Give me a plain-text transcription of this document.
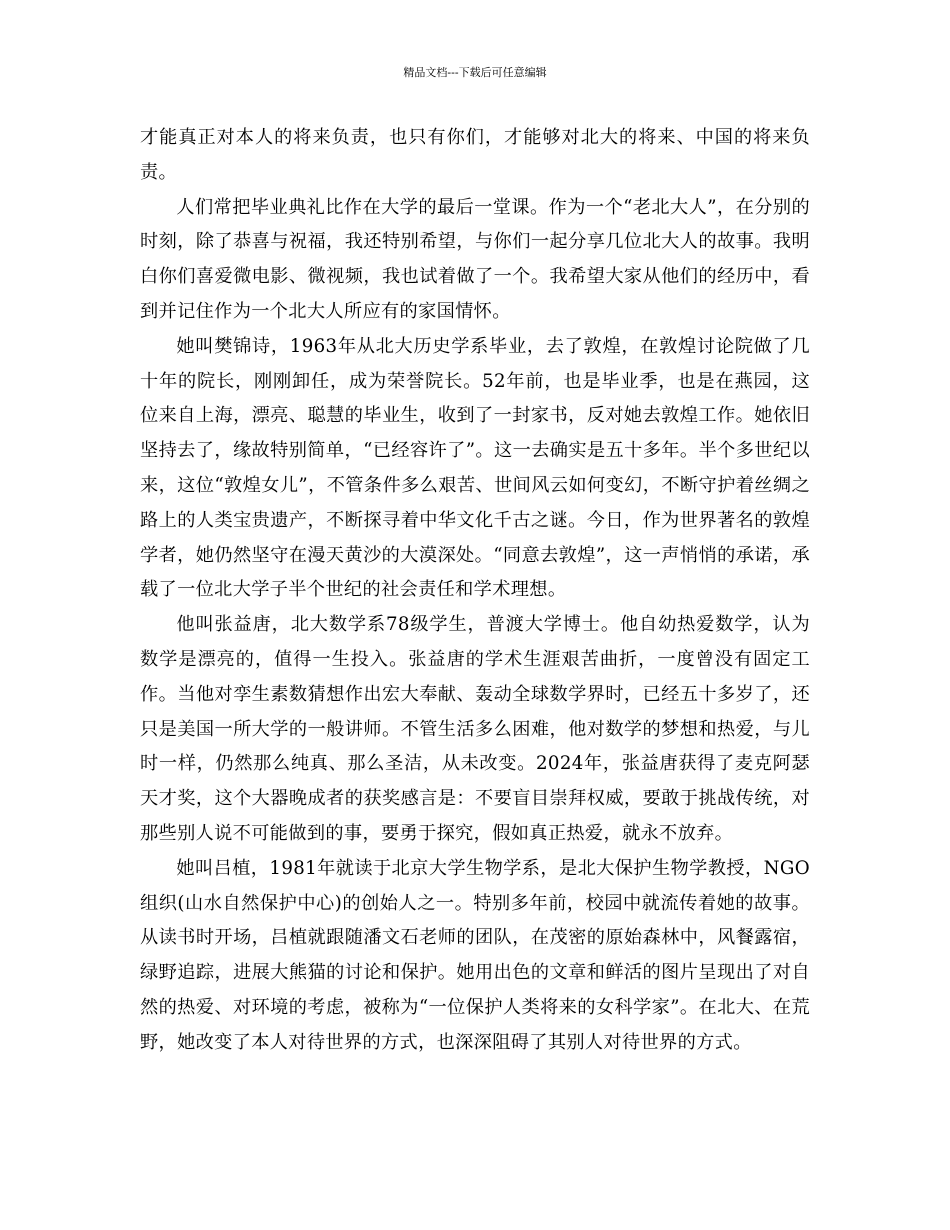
精品文档---下载后可任意编辑

才能真正对本人的将来负责，也只有你们，才能够对北大的将来、中国的将来负责。

人们常把毕业典礼比作在大学的最后一堂课。作为一个“老北大人”，在分别的时刻，除了恭喜与祝福，我还特别希望，与你们一起分享几位北大人的故事。我明白你们喜爱微电影、微视频，我也试着做了一个。我希望大家从他们的经历中，看到并记住作为一个北大人所应有的家国情怀。

她叫樊锦诗，1963年从北大历史学系毕业，去了敦煌，在敦煌讨论院做了几十年的院长，刚刚卸任，成为荣誉院长。52年前，也是毕业季，也是在燕园，这位来自上海，漂亮、聪慧的毕业生，收到了一封家书，反对她去敦煌工作。她依旧坚持去了，缘故特别简单，“已经容许了”。这一去确实是五十多年。半个多世纪以来，这位“敦煌女儿”，不管条件多么艰苦、世间风云如何变幻，不断守护着丝绸之路上的人类宝贵遗产，不断探寻着中华文化千古之谜。今日，作为世界著名的敦煌学者，她仍然坚守在漫天黄沙的大漠深处。“同意去敦煌”，这一声悄悄的承诺，承载了一位北大学子半个世纪的社会责任和学术理想。

他叫张益唐，北大数学系78级学生，普渡大学博士。他自幼热爱数学，认为数学是漂亮的，值得一生投入。张益唐的学术生涯艰苦曲折，一度曾没有固定工作。当他对孪生素数猜想作出宏大奉献、轰动全球数学界时，已经五十多岁了，还只是美国一所大学的一般讲师。不管生活多么困难，他对数学的梦想和热爱，与儿时一样，仍然那么纯真、那么圣洁，从未改变。2024年，张益唐获得了麦克阿瑟天才奖，这个大器晚成者的获奖感言是：不要盲目崇拜权威，要敢于挑战传统，对那些别人说不可能做到的事，要勇于探究，假如真正热爱，就永不放弃。

她叫吕植，1981年就读于北京大学生物学系，是北大保护生物学教授，NGO组织(山水自然保护中心)的创始人之一。特别多年前，校园中就流传着她的故事。从读书时开场，吕植就跟随潘文石老师的团队，在茂密的原始森林中，风餐露宿，绿野追踪，进展大熊猫的讨论和保护。她用出色的文章和鲜活的图片呈现出了对自然的热爱、对环境的考虑，被称为“一位保护人类将来的女科学家”。在北大、在荒野，她改变了本人对待世界的方式，也深深阻碍了其别人对待世界的方式。
